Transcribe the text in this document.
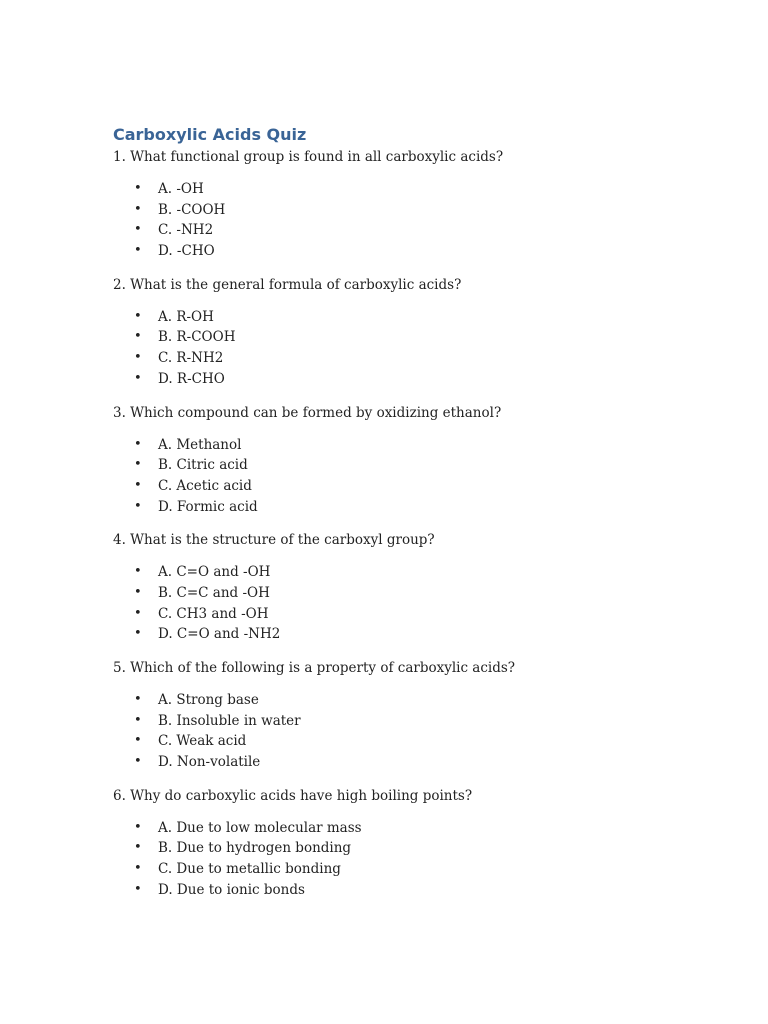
Carboxylic Acids Quiz

1. What functional group is found in all carboxylic acids?

• A. -OH
• B. -COOH
• C. -NH2
• D. -CHO

2. What is the general formula of carboxylic acids?

• A. R-OH
• B. R-COOH
• C. R-NH2
• D. R-CHO

3. Which compound can be formed by oxidizing ethanol?

• A. Methanol
• B. Citric acid
• C. Acetic acid
• D. Formic acid

4. What is the structure of the carboxyl group?

• A. C=O and -OH
• B. C=C and -OH
• C. CH3 and -OH
• D. C=O and -NH2

5. Which of the following is a property of carboxylic acids?

• A. Strong base
• B. Insoluble in water
• C. Weak acid
• D. Non-volatile

6. Why do carboxylic acids have high boiling points?

• A. Due to low molecular mass
• B. Due to hydrogen bonding
• C. Due to metallic bonding
• D. Due to ionic bonds
